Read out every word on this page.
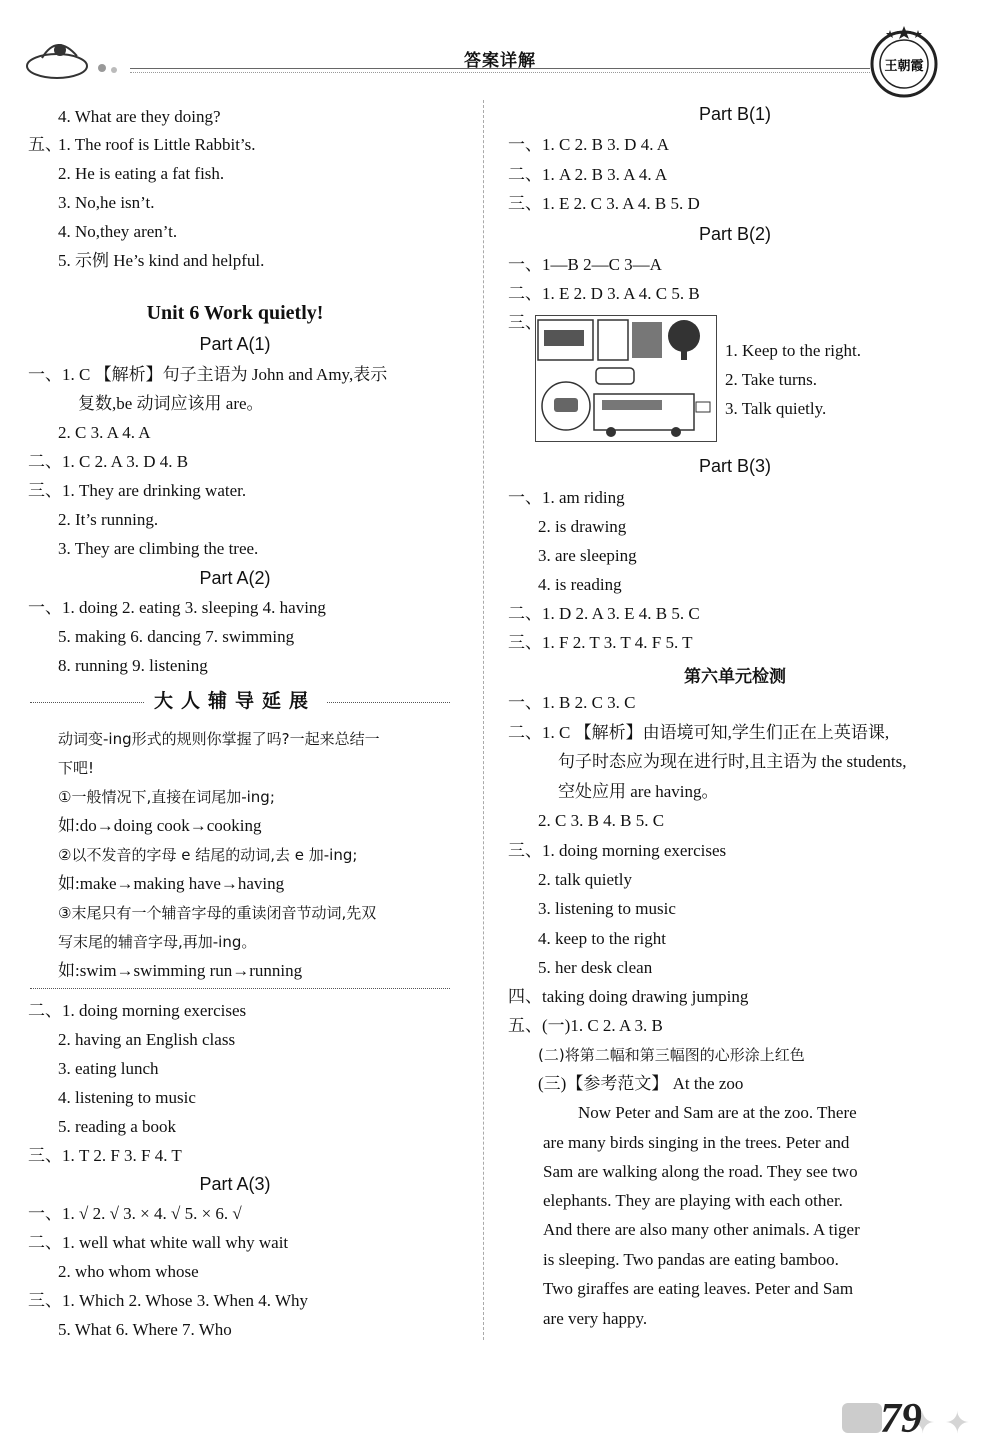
答案详解	王朝霞
4. What are they doing?
五、
1. The roof is Little Rabbit’s.
2. He is eating a fat fish.
3. No,he isn’t.
4. No,they aren’t.
5. 示例 He’s kind and helpful.
Unit 6 Work quietly!
Part A(1)
一、1. C 【解析】句子主语为 John and Amy,表示
复数,be 动词应该用 are。
2. C 3. A 4. A
二、1. C 2. A 3. D 4. B
三、1. They are drinking water.
2. It’s running.
3. They are climbing the tree.
Part A(2)
一、1. doing 2. eating 3. sleeping 4. having
5. making 6. dancing 7. swimming
8. running 9. listening
大人辅导延展
动词变-ing形式的规则你掌握了吗?一起来总结一
下吧!
①一般情况下,直接在词尾加-ing;
如:do→doing cook→cooking
②以不发音的字母 e 结尾的动词,去 e 加-ing;
如:make→making have→having
③末尾只有一个辅音字母的重读闭音节动词,先双
写末尾的辅音字母,再加-ing。
如:swim→swimming run→running
二、1. doing morning exercises
2. having an English class
3. eating lunch
4. listening to music
5. reading a book
三、1. T 2. F 3. F 4. T
Part A(3)
一、1. √ 2. √ 3. × 4. √ 5. × 6. √
二、1. well what white wall why wait
2. who whom whose
三、1. Which 2. Whose 3. When 4. Why
5. What 6. Where 7. Who
Part B(1)
一、1. C 2. B 3. D 4. A
二、1. A 2. B 3. A 4. A
三、1. E 2. C 3. A 4. B 5. D
Part B(2)
一、1—B 2—C 3—A
二、1. E 2. D 3. A 4. C 5. B
三、
1. Keep to the right.
2. Take turns.
3. Talk quietly.
Part B(3)
一、1. am riding
2. is drawing
3. are sleeping
4. is reading
二、1. D 2. A 3. E 4. B 5. C
三、1. F 2. T 3. T 4. F 5. T
第六单元检测
一、1. B 2. C 3. C
二、1. C 【解析】由语境可知,学生们正在上英语课,
句子时态应为现在进行时,且主语为 the students,
空处应用 are having。
2. C 3. B 4. B 5. C
三、1. doing morning exercises
2. talk quietly
3. listening to music
4. keep to the right
5. her desk clean
四、taking doing drawing jumping
五、(一)1. C 2. A 3. B
(二)将第二幅和第三幅图的心形涂上红色
(三)【参考范文】 At the zoo
Now Peter and Sam are at the zoo. There
are many birds singing in the trees. Peter and
Sam are walking along the road. They see two
elephants. They are playing with each other.
And there are also many other animals. A tiger
is sleeping. Two pandas are eating bamboo.
Two giraffes are eating leaves. Peter and Sam
are very happy.
✦ ✦
79
